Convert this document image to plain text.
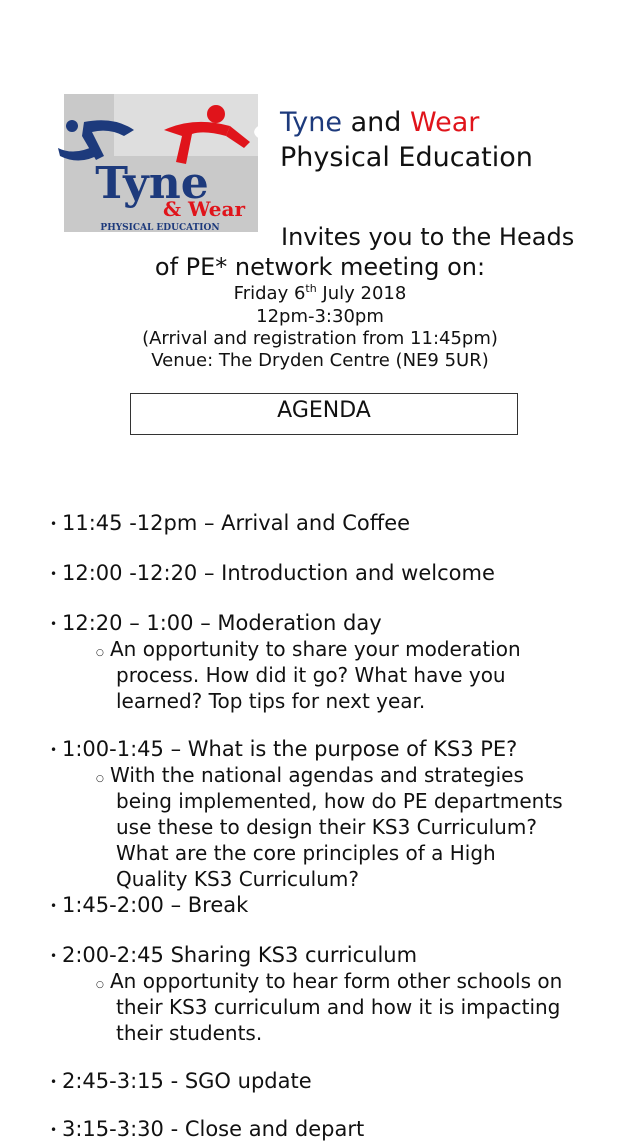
Tyne
& Wear
PHYSICAL EDUCATION
Tyne and Wear
Physical Education
Invites you to the Heads
of PE* network meeting on:
Friday 6th July 2018
12pm-3:30pm
(Arrival and registration from 11:45pm)
Venue: The Dryden Centre (NE9 5UR)
AGENDA
• 11:45 -12pm – Arrival and Coffee
• 12:00 -12:20 – Introduction and welcome
• 12:20 – 1:00 – Moderation day
○ An opportunity to share your moderation
process. How did it go? What have you
learned? Top tips for next year.
• 1:00-1:45 – What is the purpose of KS3 PE?
○ With the national agendas and strategies
being implemented, how do PE departments
use these to design their KS3 Curriculum?
What are the core principles of a High
Quality KS3 Curriculum?
• 1:45-2:00 – Break
• 2:00-2:45 Sharing KS3 curriculum
○ An opportunity to hear form other schools on
their KS3 curriculum and how it is impacting
their students.
• 2:45-3:15 - SGO update
• 3:15-3:30 - Close and depart
